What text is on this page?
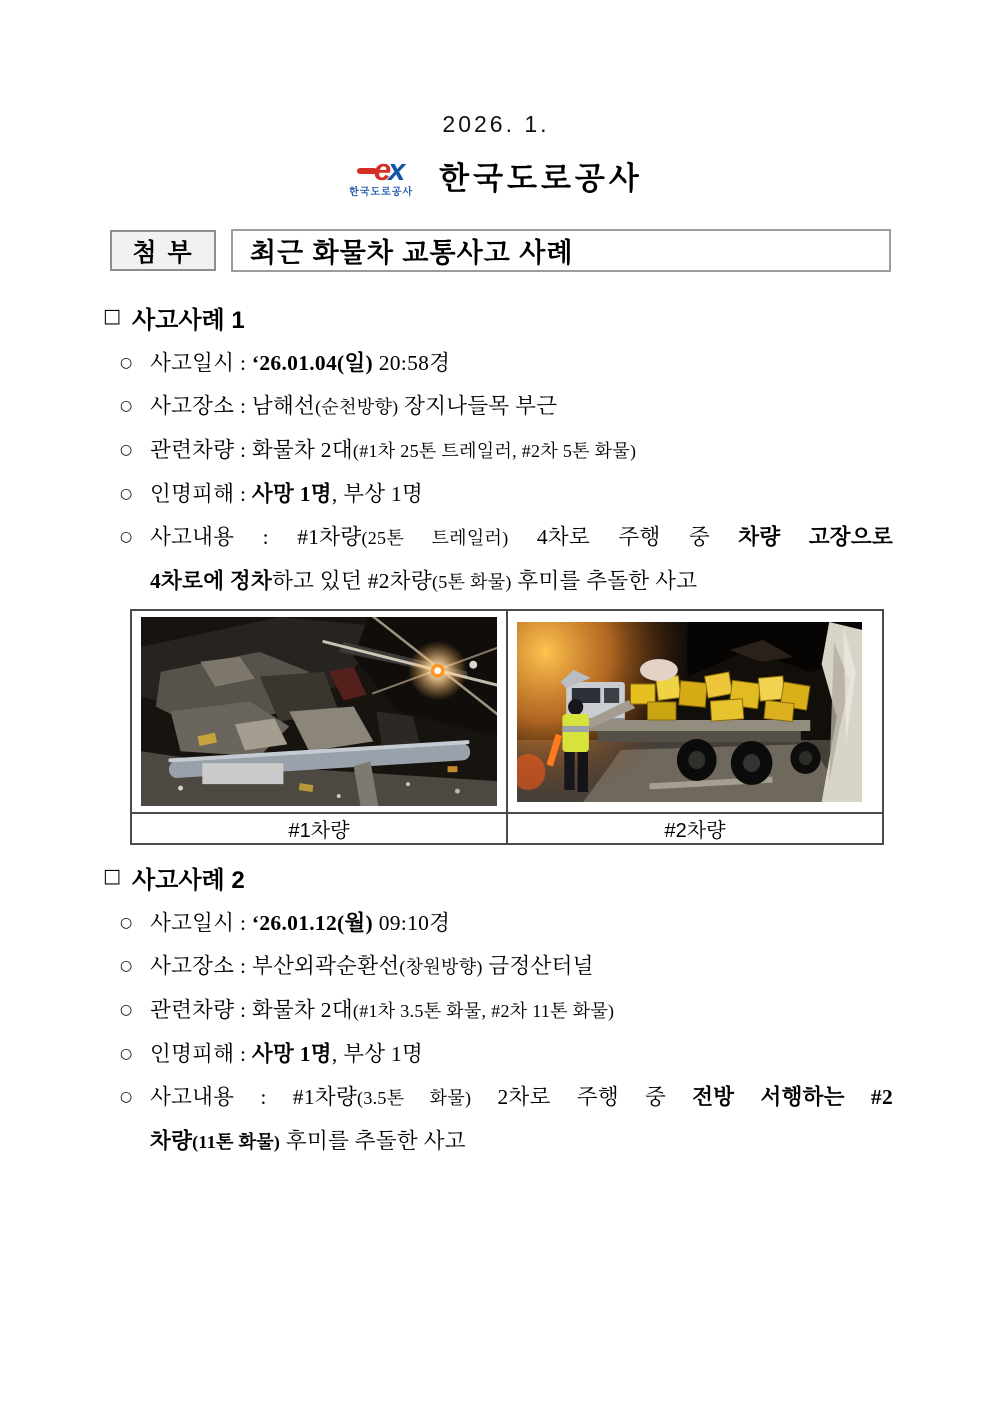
2026. 1.
e x
한국도로공사 한국도로공사
첨 부	최근 화물차 교통사고 사례
□ 사고사례 1
○ 사고일시 : ‘26.01.04(일) 20:58경
○ 사고장소 : 남해선(순천방향) 장지나들목 부근
○ 관련차량 : 화물차 2대(#1차 25톤 트레일러, #2차 5톤 화물)
○ 인명피해 : 사망 1명, 부상 1명
○ 사고내용 : #1차량(25톤 트레일러) 4차로 주행 중 차량 고장으로
4차로에 정차하고 있던 #2차량(5톤 화물) 후미를 추돌한 사고

#1차량	#2차량
□ 사고사례 2
○ 사고일시 : ‘26.01.12(월) 09:10경
○ 사고장소 : 부산외곽순환선(창원방향) 금정산터널
○ 관련차량 : 화물차 2대(#1차 3.5톤 화물, #2차 11톤 화물)
○ 인명피해 : 사망 1명, 부상 1명
○ 사고내용 : #1차량(3.5톤 화물) 2차로 주행 중 전방 서행하는 #2
차량(11톤 화물) 후미를 추돌한 사고
